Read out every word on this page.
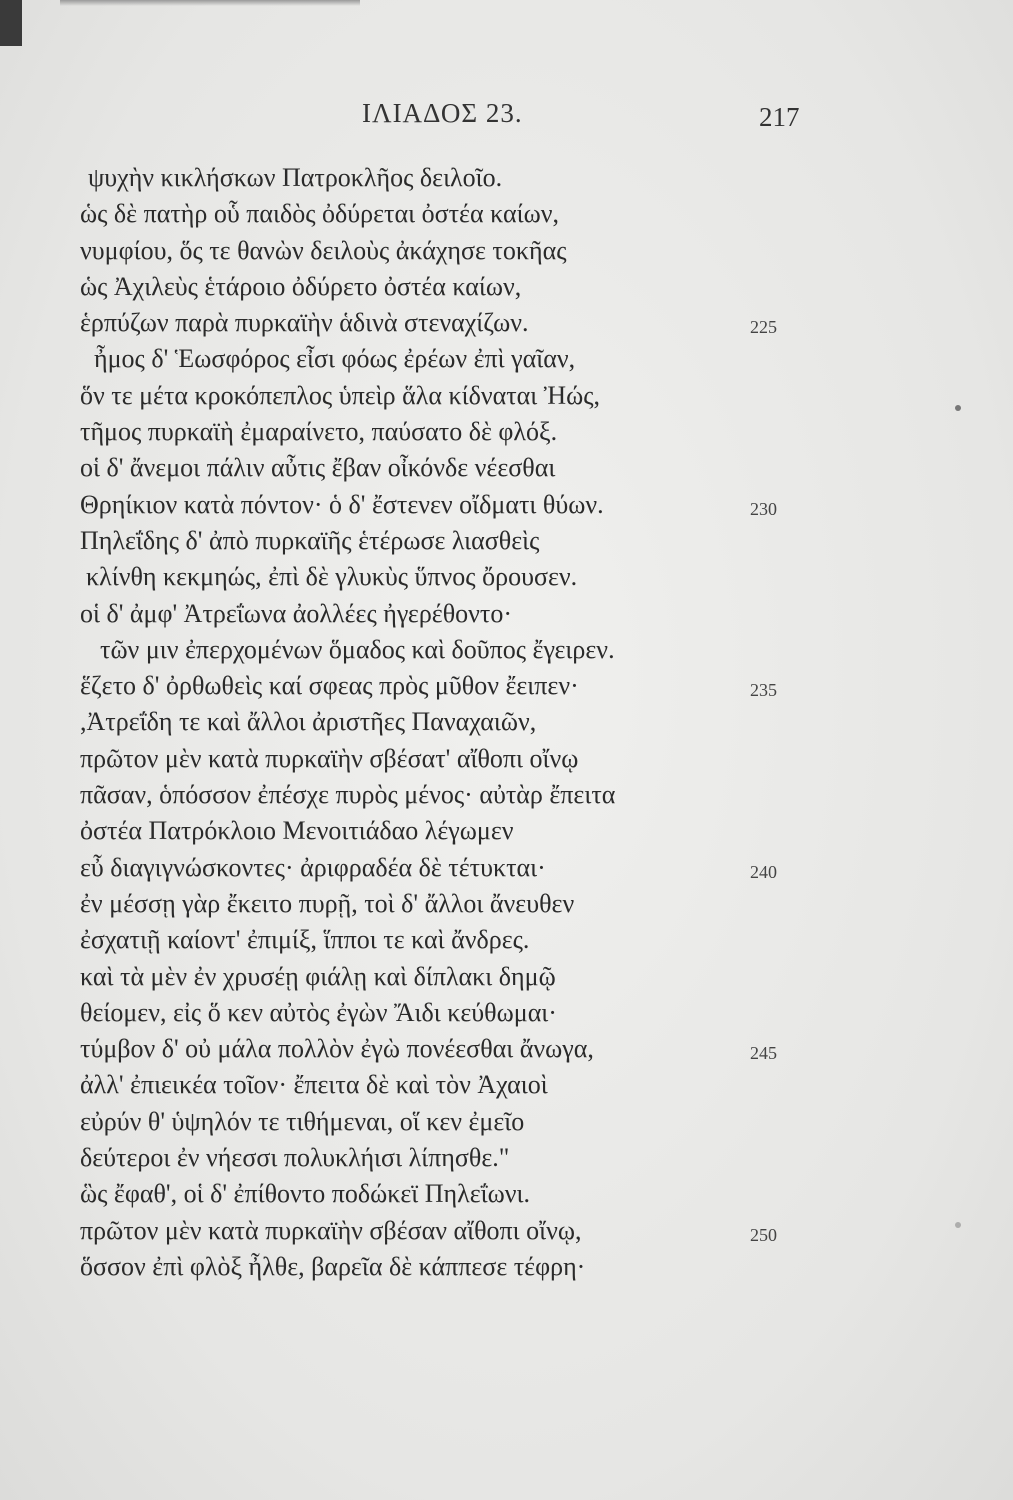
ΙΛΙΑΔΟΣ 23.	217
ψυχὴν κικλήσκων Πατροκλῆος δειλοῖο.
ὡς δὲ πατὴρ οὗ παιδὸς ὀδύρεται ὀστέα καίων,
νυμφίου, ὅς τε θανὼν δειλοὺς ἀκάχησε τοκῆας
ὡς Ἀχιλεὺς ἑτάροιο ὀδύρετο ὀστέα καίων,
ἑρπύζων παρὰ πυρκαϊὴν ἁδινὰ στεναχίζων.	225
ἦμος δ' Ἑωσφόρος εἶσι φόως ἐρέων ἐπὶ γαῖαν,
ὅν τε μέτα κροκόπεπλος ὑπεὶρ ἅλα κίδναται Ἠώς,
τῆμος πυρκαϊὴ ἐμαραίνετο, παύσατο δὲ φλόξ.
οἱ δ' ἄνεμοι πάλιν αὖτις ἔβαν οἶκόνδε νέεσθαι
Θρηίκιον κατὰ πόντον· ὁ δ' ἔστενεν οἴδματι θύων.	230
Πηλεΐδης δ' ἀπὸ πυρκαϊῆς ἑτέρωσε λιασθεὶς
κλίνθη κεκμηώς, ἐπὶ δὲ γλυκὺς ὕπνος ὄρουσεν.
οἱ δ' ἀμφ' Ἀτρεΐωνα ἀολλέες ἠγερέθοντο·
τῶν μιν ἐπερχομένων ὅμαδος καὶ δοῦπος ἔγειρεν.
ἕζετο δ' ὀρθωθεὶς καί σφεας πρὸς μῦθον ἔειπεν·	235
,Ἀτρεΐδη τε καὶ ἄλλοι ἀριστῆες Παναχαιῶν,
πρῶτον μὲν κατὰ πυρκαϊὴν σβέσατ' αἴθοπι οἴνῳ
πᾶσαν, ὁπόσσον ἐπέσχε πυρὸς μένος· αὐτὰρ ἔπειτα
ὀστέα Πατρόκλοιο Μενοιτιάδαο λέγωμεν
εὖ διαγιγνώσκοντες· ἀριφραδέα δὲ τέτυκται·	240
ἐν μέσσῃ γὰρ ἔκειτο πυρῇ, τοὶ δ' ἄλλοι ἄνευθεν
ἐσχατιῇ καίοντ' ἐπιμίξ, ἵπποι τε καὶ ἄνδρες.
καὶ τὰ μὲν ἐν χρυσέῃ φιάλῃ καὶ δίπλακι δημῷ
θείομεν, εἰς ὅ κεν αὐτὸς ἐγὼν Ἄιδι κεύθωμαι·
τύμβον δ' οὐ μάλα πολλὸν ἐγὼ πονέεσθαι ἄνωγα,	245
ἀλλ' ἐπιεικέα τοῖον· ἔπειτα δὲ καὶ τὸν Ἀχαιοὶ
εὐρύν θ' ὑψηλόν τε τιθήμεναι, οἵ κεν ἐμεῖο
δεύτεροι ἐν νήεσσι πολυκλήισι λίπησθε."
ὣς ἔφαθ', οἱ δ' ἐπίθοντο ποδώκεϊ Πηλεΐωνι.
πρῶτον μὲν κατὰ πυρκαϊὴν σβέσαν αἴθοπι οἴνῳ,	250
ὅσσον ἐπὶ φλὸξ ἦλθε, βαρεῖα δὲ κάππεσε τέφρη·
